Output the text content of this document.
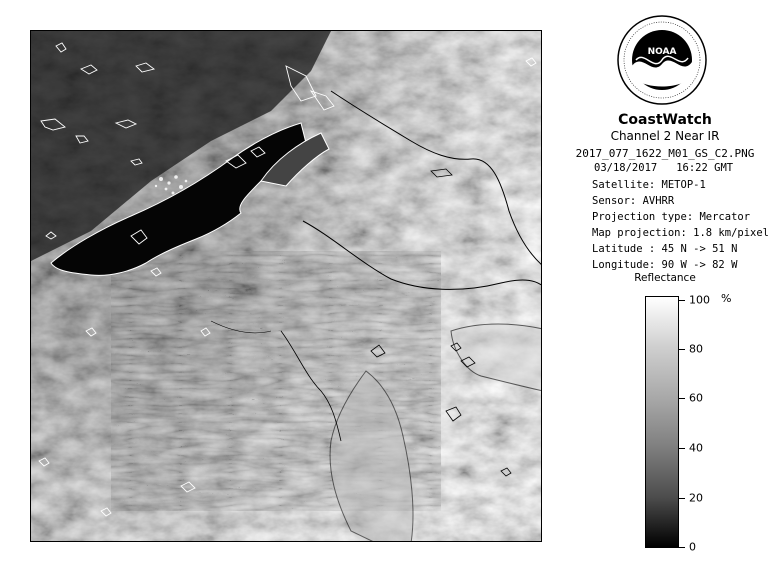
NOAA
CoastWatch
Channel 2 Near IR
2017_077_1622_M01_GS_C2.PNG
03/18/2017 16:22 GMT
Satellite: METOP-1
Sensor: AVHRR
Projection type: Mercator
Map projection: 1.8 km/pixel
Latitude : 45 N -> 51 N
Longitude: 90 W -> 82 W
Reflectance
%
100
80
60
40
20
0
